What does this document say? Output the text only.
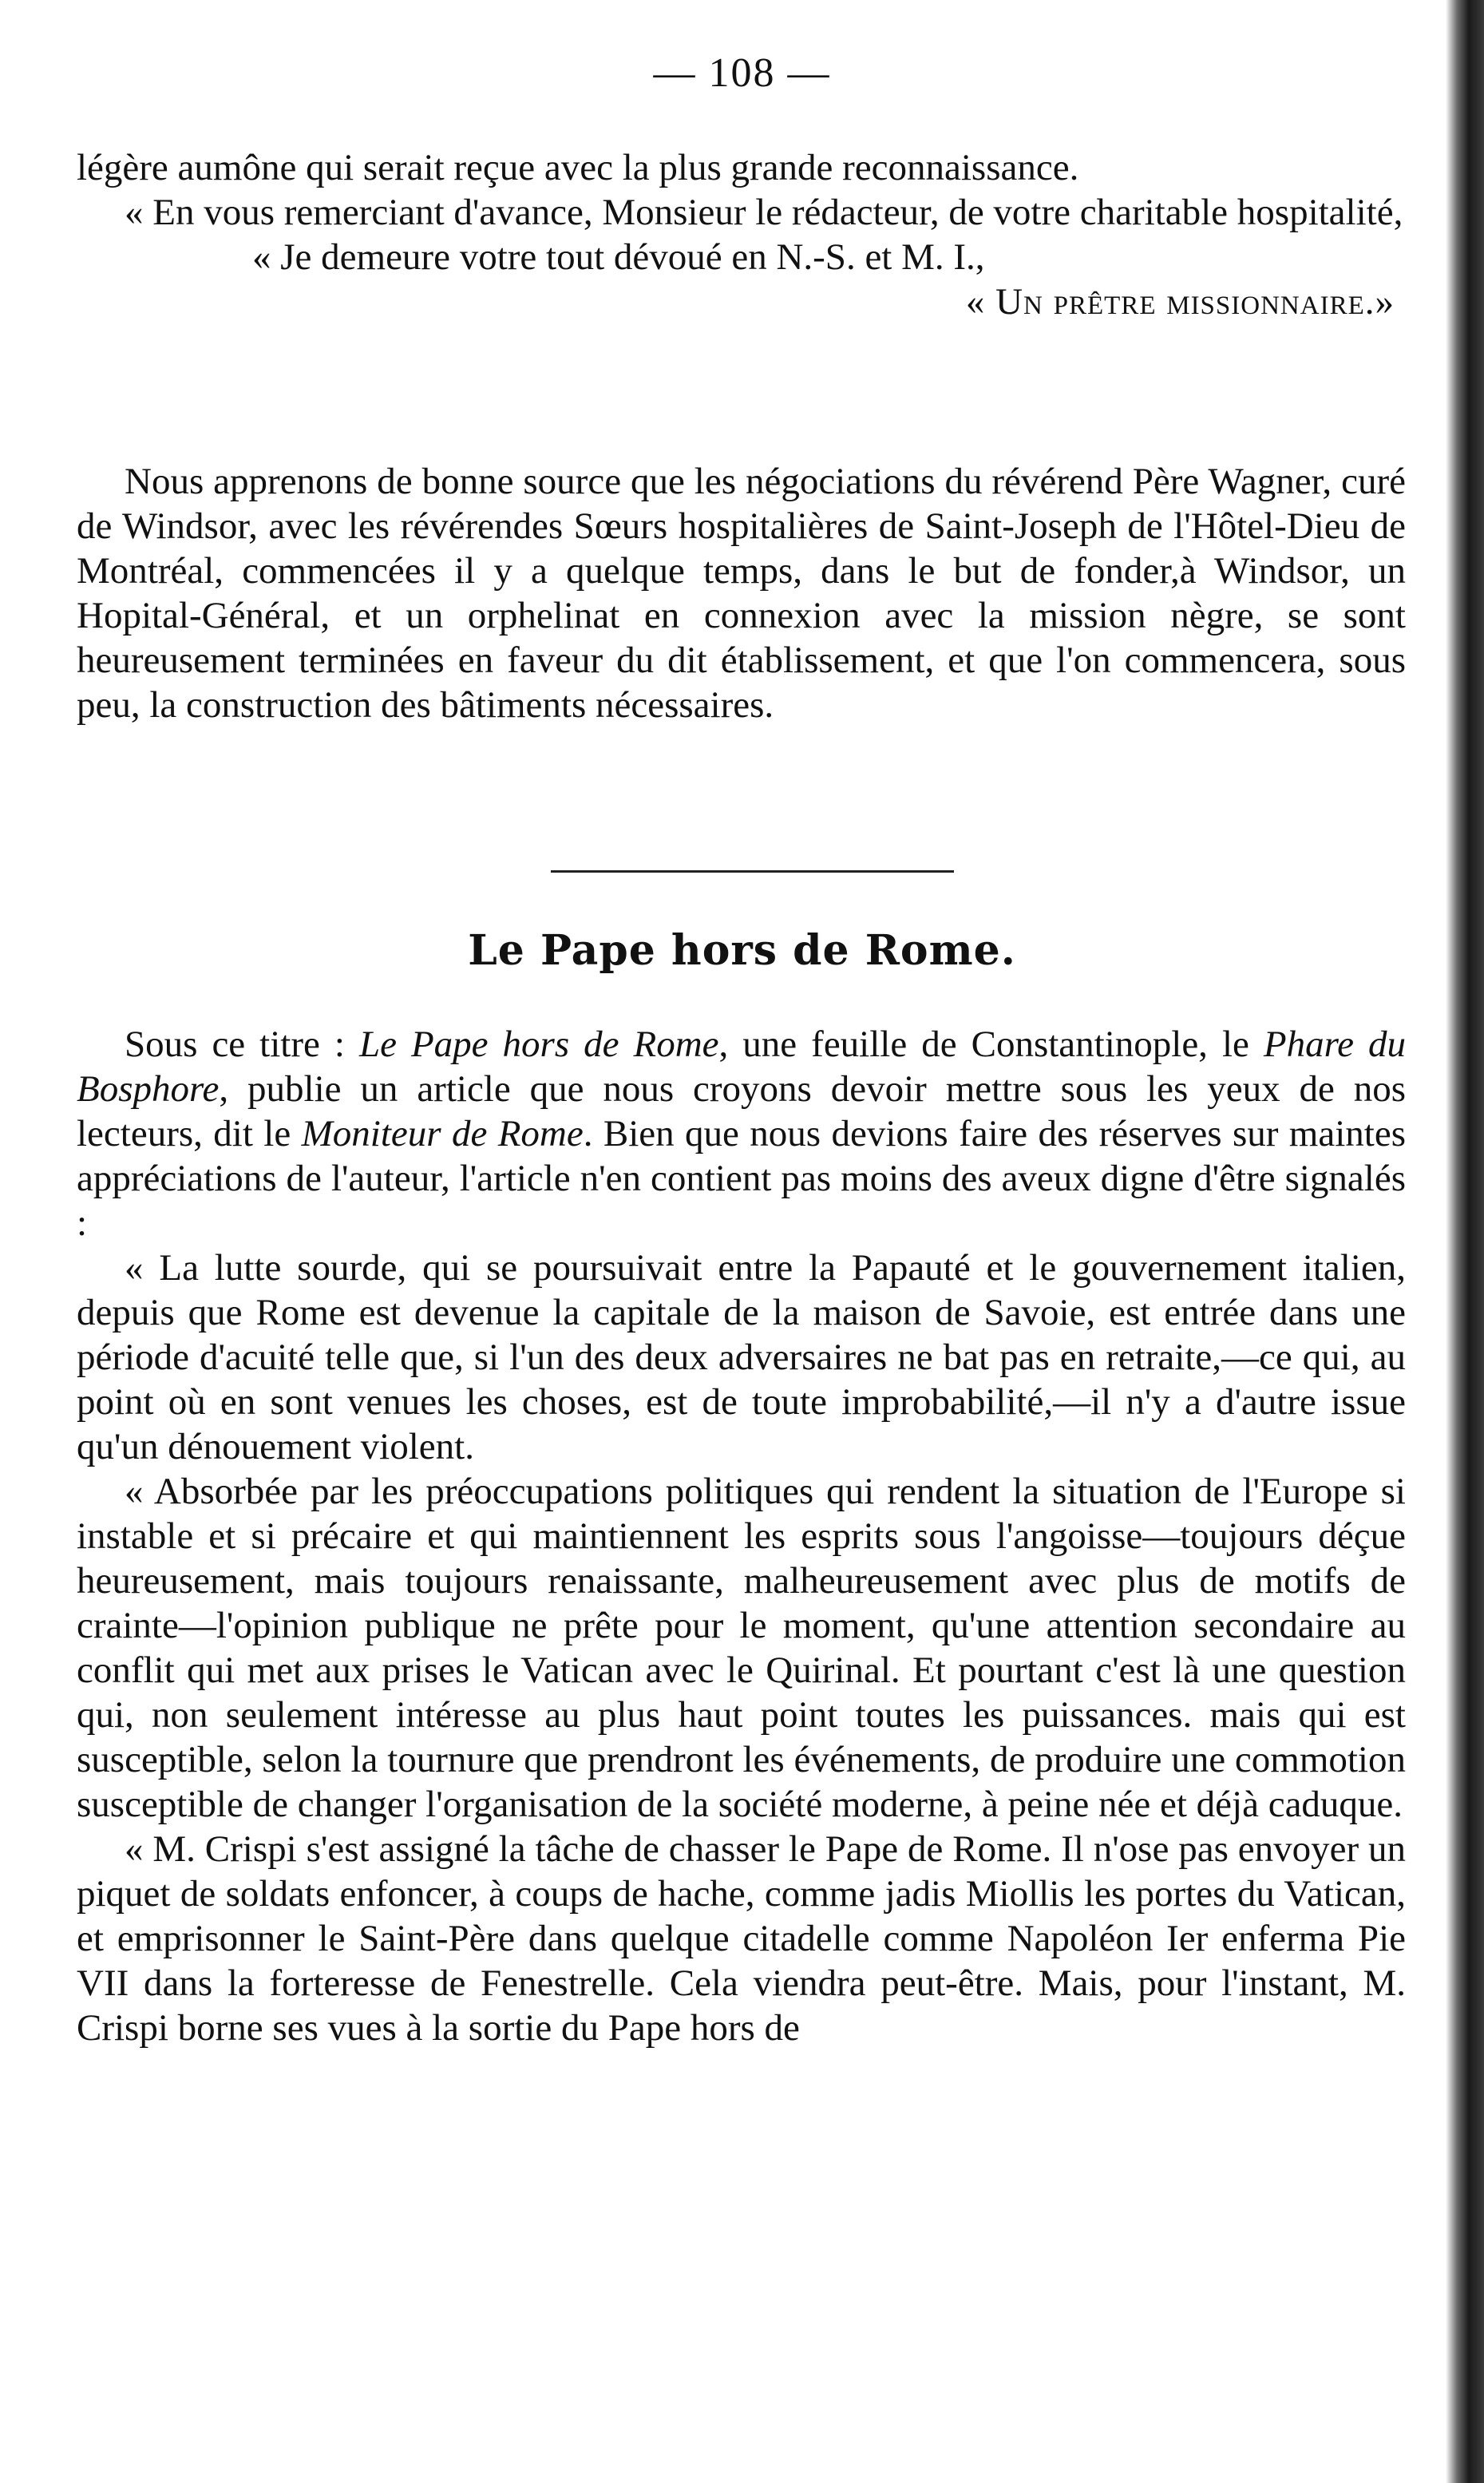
— 108 —

légère aumône qui serait reçue avec la plus grande reconnaissance.

« En vous remerciant d'avance, Monsieur le rédacteur, de votre charitable hospitalité,

« Je demeure votre tout dévoué en N.-S. et M. I.,

« Un prêtre missionnaire.»

Nous apprenons de bonne source que les négociations du révérend Père Wagner, curé de Windsor, avec les révérendes Sœurs hospitalières de Saint-Joseph de l'Hôtel-Dieu de Montréal, commencées il y a quelque temps, dans le but de fonder,à Windsor, un Hopital-Général, et un orphelinat en connexion avec la mission nègre, se sont heureusement terminées en faveur du dit établissement, et que l'on commencera, sous peu, la construction des bâtiments nécessaires.

Le Pape hors de Rome.

Sous ce titre : Le Pape hors de Rome, une feuille de Constantinople, le Phare du Bosphore, publie un article que nous croyons devoir mettre sous les yeux de nos lecteurs, dit le Moniteur de Rome. Bien que nous devions faire des réserves sur maintes appréciations de l'auteur, l'article n'en contient pas moins des aveux digne d'être signalés :

« La lutte sourde, qui se poursuivait entre la Papauté et le gouvernement italien, depuis que Rome est devenue la capitale de la maison de Savoie, est entrée dans une période d'acuité telle que, si l'un des deux adversaires ne bat pas en retraite,—ce qui, au point où en sont venues les choses, est de toute improbabilité,—il n'y a d'autre issue qu'un dénouement violent.

« Absorbée par les préoccupations politiques qui rendent la situation de l'Europe si instable et si précaire et qui maintiennent les esprits sous l'angoisse—toujours déçue heureusement, mais toujours renaissante, malheureusement avec plus de motifs de crainte—l'opinion publique ne prête pour le moment, qu'une attention secondaire au conflit qui met aux prises le Vatican avec le Quirinal. Et pourtant c'est là une question qui, non seulement intéresse au plus haut point toutes les puissances. mais qui est susceptible, selon la tournure que prendront les événements, de produire une commotion susceptible de changer l'organisation de la société moderne, à peine née et déjà caduque.

« M. Crispi s'est assigné la tâche de chasser le Pape de Rome. Il n'ose pas envoyer un piquet de soldats enfoncer, à coups de hache, comme jadis Miollis les portes du Vatican, et emprisonner le Saint-Père dans quelque citadelle comme Napoléon Ier enferma Pie VII dans la forteresse de Fenestrelle. Cela viendra peut-être. Mais, pour l'instant, M. Crispi borne ses vues à la sortie du Pape hors de
